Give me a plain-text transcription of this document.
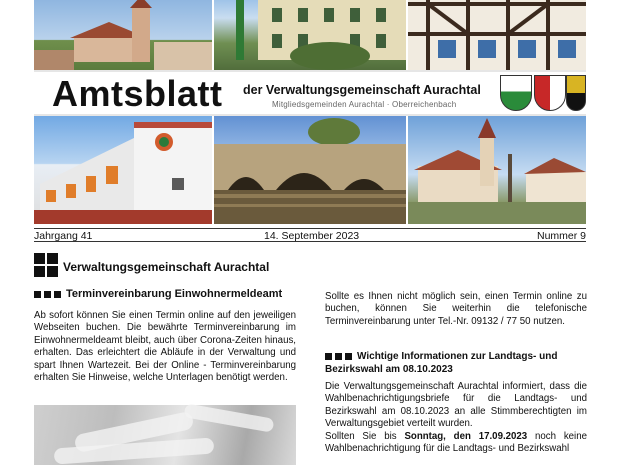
Amtsblatt der Verwaltungsgemeinschaft Aurachtal
Mitgliedsgemeinden Aurachtal · Oberreichenbach
Jahrgang 41	14. September 2023	Nummer 9
Verwaltungsgemeinschaft Aurachtal
Terminvereinbarung Einwohnermeldeamt
Ab sofort können Sie einen Termin online auf den jeweiligen Webseiten buchen. Die bewährte Terminvereinbarung im Einwohnermeldeamt bleibt, auch über Corona-Zeiten hinaus, erhalten. Das erleichtert die Abläufe in der Verwaltung und spart Ihnen Wartezeit. Bei der Online - Terminvereinbarung erhalten Sie Hinweise, welche Unterlagen benötigt werden.
Sollte es Ihnen nicht möglich sein, einen Termin online zu buchen, können Sie weiterhin die telefonische Terminvereinbarung unter Tel.-Nr. 09132 / 77 50 nutzen.
Wichtige Informationen zur Landtags- und Bezirkswahl am 08.10.2023
Die Verwaltungsgemeinschaft Aurachtal informiert, dass die Wahlbenachrichtigungsbriefe für die Landtags- und Bezirkswahl am 08.10.2023 an alle Stimmberechtigten im Verwaltungsgebiet verteilt wurden.
Sollten Sie bis Sonntag, den 17.09.2023 noch keine Wahlbenachrichtigung für die Landtags- und Bezirkswahl
